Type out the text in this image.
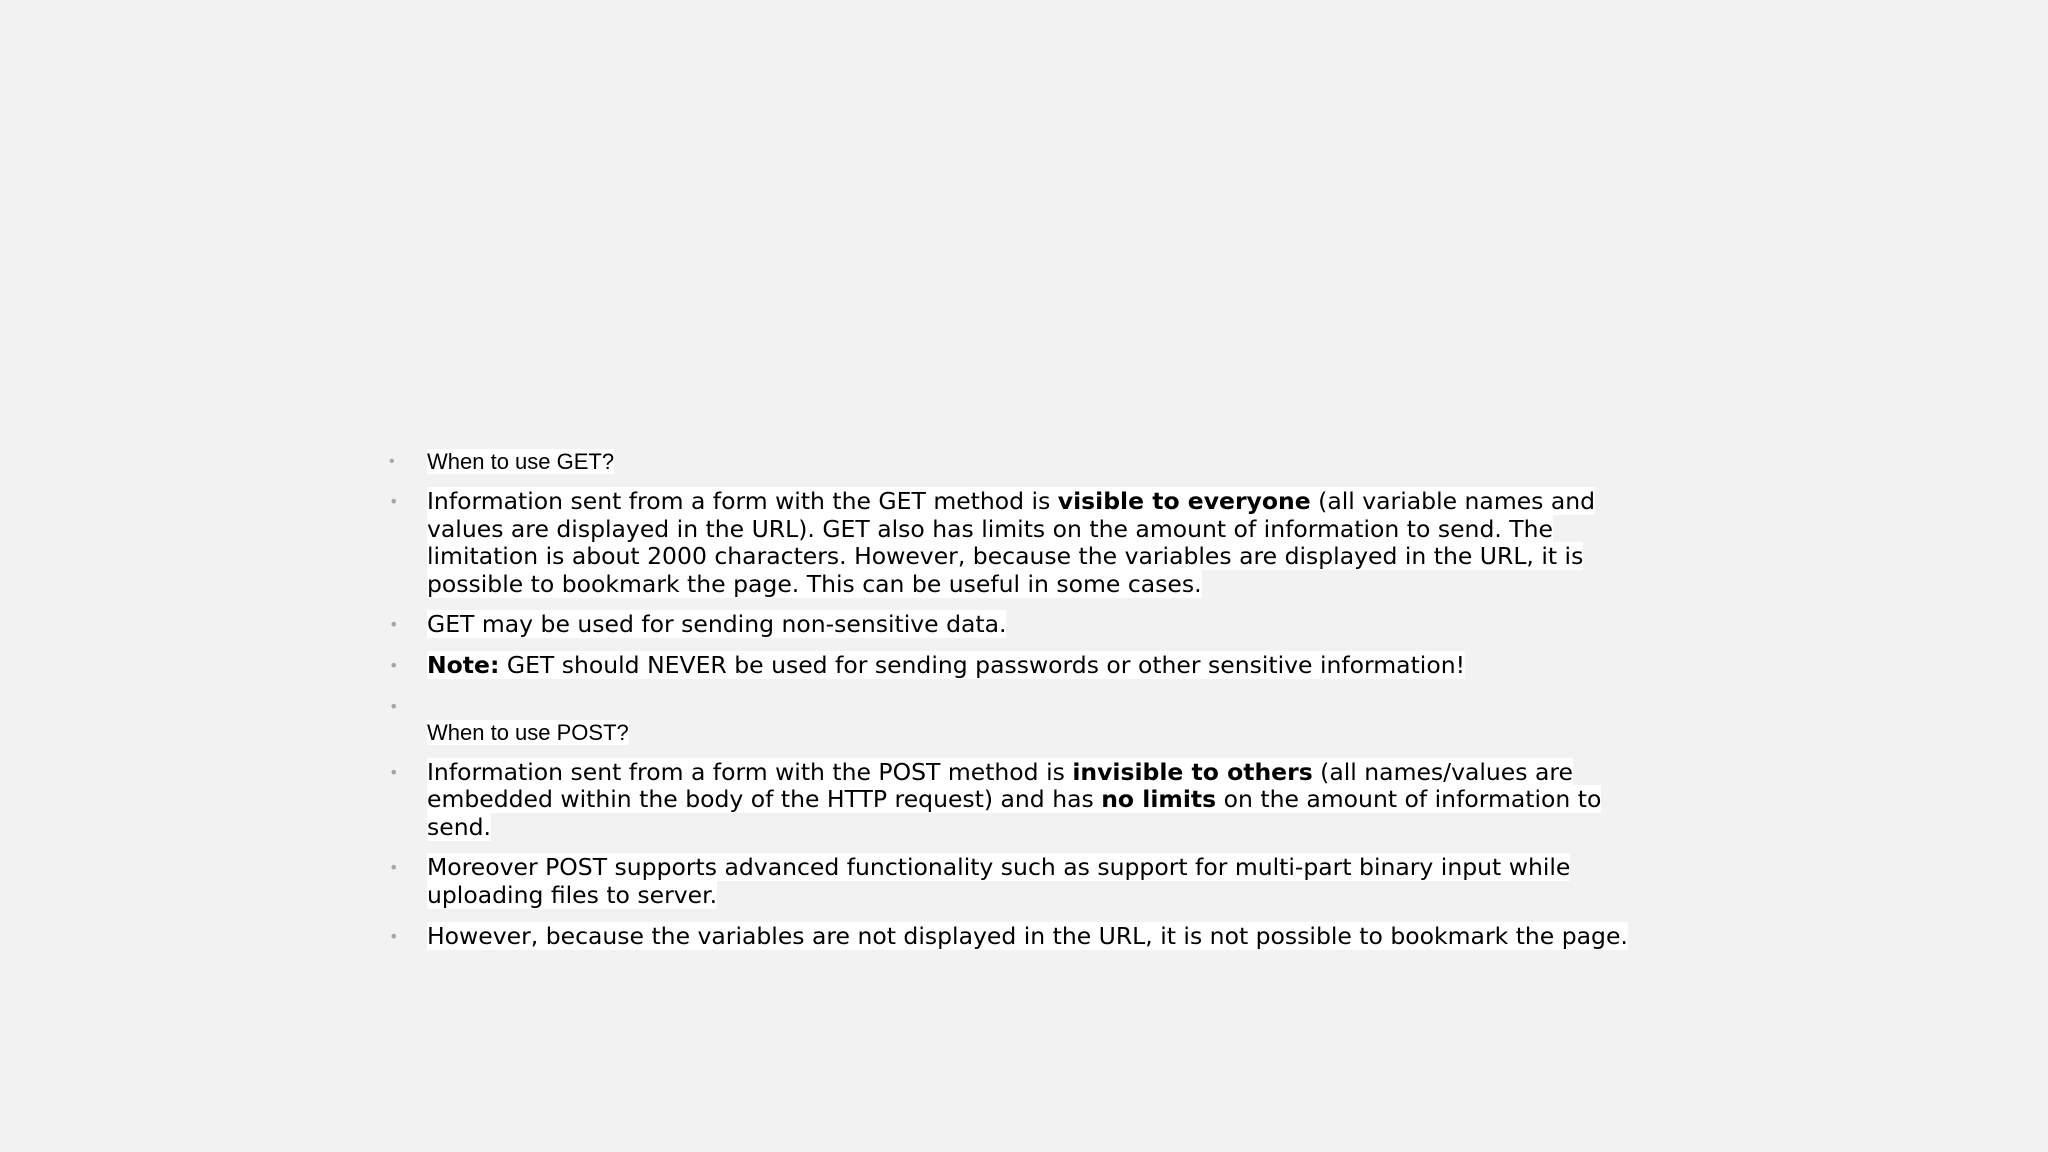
• When to use GET?
• Information sent from a form with the GET method is visible to everyone (all variable names and values are displayed in the URL). GET also has limits on the amount of information to send. The limitation is about 2000 characters. However, because the variables are displayed in the URL, it is possible to bookmark the page. This can be useful in some cases.
• GET may be used for sending non-sensitive data.
• Note: GET should NEVER be used for sending passwords or other sensitive information!
•
When to use POST?
• Information sent from a form with the POST method is invisible to others (all names/values are embedded within the body of the HTTP request) and has no limits on the amount of information to send.
• Moreover POST supports advanced functionality such as support for multi-part binary input while uploading files to server.
• However, because the variables are not displayed in the URL, it is not possible to bookmark the page.
